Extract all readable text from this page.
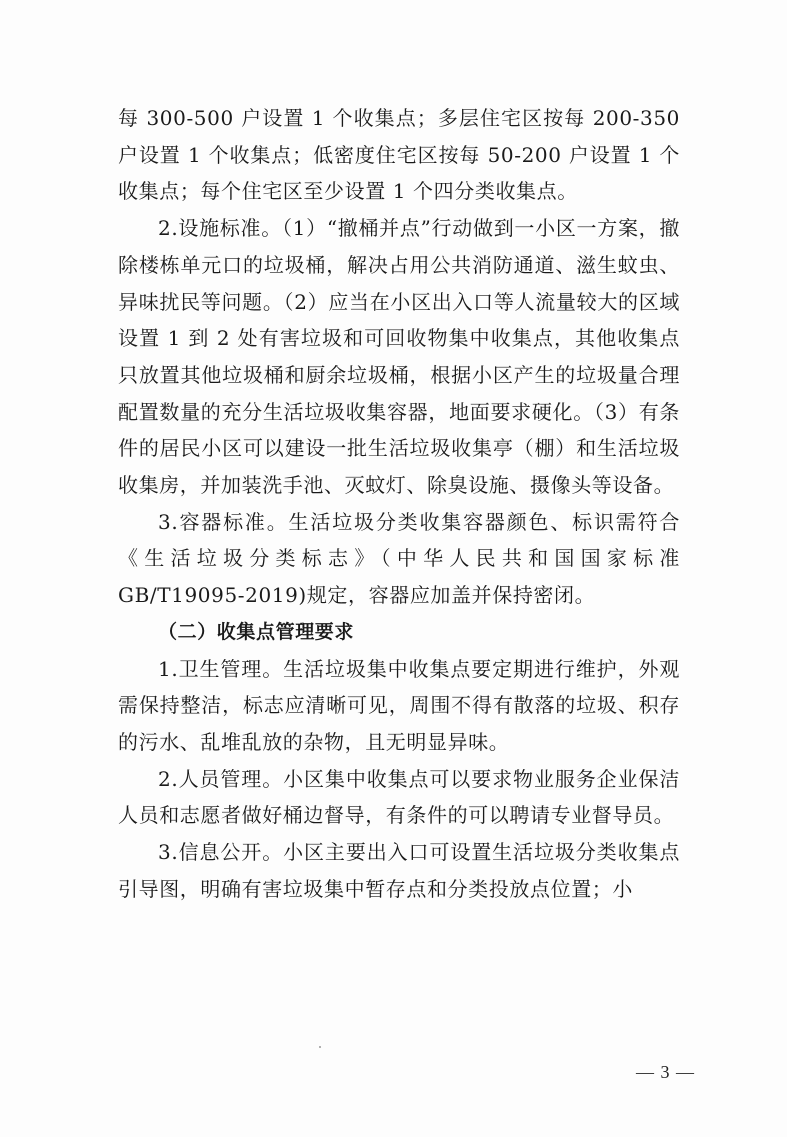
每 300-500 户设置 1 个收集点；多层住宅区按每 200-350 户设置 1 个收集点；低密度住宅区按每 50-200 户设置 1 个收集点；每个住宅区至少设置 1 个四分类收集点。

2.设施标准。（1）“撤桶并点”行动做到一小区一方案，撤除楼栋单元口的垃圾桶，解决占用公共消防通道、滋生蚊虫、异味扰民等问题。（2）应当在小区出入口等人流量较大的区域设置 1 到 2 处有害垃圾和可回收物集中收集点，其他收集点只放置其他垃圾桶和厨余垃圾桶，根据小区产生的垃圾量合理配置数量的充分生活垃圾收集容器，地面要求硬化。（3）有条件的居民小区可以建设一批生活垃圾收集亭（棚）和生活垃圾收集房，并加装洗手池、灭蚊灯、除臭设施、摄像头等设备。

3.容器标准。生活垃圾分类收集容器颜色、标识需符合《生活垃圾分类标志》（中华人民共和国国家标准GB/T19095-2019)规定，容器应加盖并保持密闭。

（二）收集点管理要求

1.卫生管理。生活垃圾集中收集点要定期进行维护，外观需保持整洁，标志应清晰可见，周围不得有散落的垃圾、积存的污水、乱堆乱放的杂物，且无明显异味。

2.人员管理。小区集中收集点可以要求物业服务企业保洁人员和志愿者做好桶边督导，有条件的可以聘请专业督导员。

3.信息公开。小区主要出入口可设置生活垃圾分类收集点引导图，明确有害垃圾集中暂存点和分类投放点位置；小

— 3 —
